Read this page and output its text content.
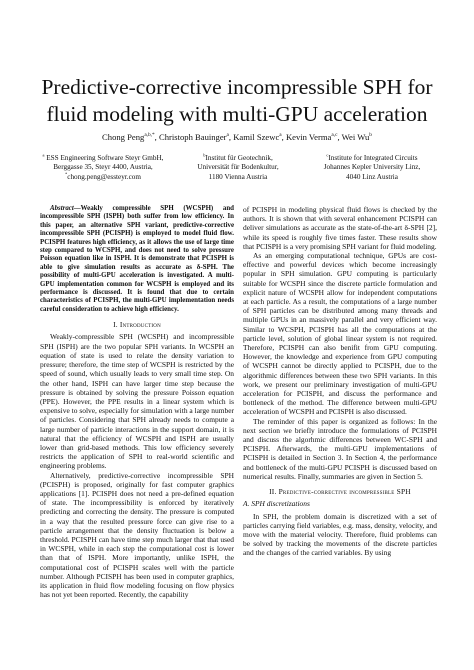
Predictive-corrective incompressible SPH for fluid modeling with multi-GPU acceleration
Chong Peng$^{a,b,*}$, Christoph Bauinger$^a$, Kamil Szewc$^a$, Kevin Verma$^{a,c}$, Wei Wu$^b$
$^a$ ESS Engineering Software Steyr GmbH,
Berggasse 35, Steyr 4400, Austria,
*chong.peng@essteyr.com
$^b$Institut für Geotechnik,
Universität für Bodenkultur,
1180 Vienna Austria
$^c$Institute for Integrated Circuits
Johannes Kepler University Linz,
4040 Linz Austria

Abstract—Weakly compressible SPH (WCSPH) and incompressible SPH (ISPH) both suffer from low efficiency. In this paper, an alternative SPH variant, predictive-corrective incompressible SPH (PCISPH) is employed to model fluid flow. PCISPH features high efficiency, as it allows the use of large time step compared to WCSPH, and does not need to solve pressure Poisson equation like in ISPH. It is demonstrate that PCISPH is able to give simulation results as accurate as δ-SPH. The possibility of multi-GPU acceleration is investigated. A multi-GPU implementation common for WCSPH is employed and its performance is discussed. It is found that due to certain characteristics of PCISPH, the multi-GPU implementation needs careful consideration to achieve high efficiency.

I. Introduction

Weakly-compressible SPH (WCSPH) and incompressible SPH (ISPH) are the two popular SPH variants. In WCSPH an equation of state is used to relate the density variation to pressure; therefore, the time step of WCSPH is restricted by the speed of sound, which usually leads to very small time step. On the other hand, ISPH can have larger time step because the pressure is obtained by solving the pressure Poisson equation (PPE). However, the PPE results in a linear system which is expensive to solve, especially for simulation with a large number of particles. Considering that SPH already needs to compute a large number of particle interactions in the support domain, it is natural that the efficiency of WCSPH and ISPH are usually lower than grid-based methods. This low efficiency severely restricts the application of SPH to real-world scientific and engineering problems.

Alternatively, predictive-corrective incompressible SPH (PCISPH) is proposed, originally for fast computer graphics applications [1]. PCISPH does not need a pre-defined equation of state. The incompressibility is enforced by iteratively predicting and correcting the density. The pressure is computed in a way that the resulted pressure force can give rise to a particle arrangement that the density fluctuation is below a threshold. PCISPH can have time step much larger that that used in WCSPH, while in each step the computational cost is lower than that of ISPH. More importantly, unlike ISPH, the computational cost of PCISPH scales well with the particle number. Although PCISPH has been used in computer graphics, its application in fluid flow modeling focusing on flow physics has not yet been reported. Recently, the capability

of PCISPH in modeling physical fluid flows is checked by the authors. It is shown that with several enhancement PCISPH can deliver simulations as accurate as the state-of-the-art δ-SPH [2], while its speed is roughly five times faster. These results show that PCISPH is a very promising SPH variant for fluid modeling.

As an emerging computational technique, GPUs are cost-effective and powerful devices which become increasingly popular in SPH simulation. GPU computing is particularly suitable for WCSPH since the discrete particle formulation and explicit nature of WCSPH allow for independent computations at each particle. As a result, the computations of a large number of SPH particles can be distributed among many threads and multiple GPUs in an massively parallel and very efficient way. Similar to WCSPH, PCISPH has all the computations at the particle level, solution of global linear system is not required. Therefore, PCISPH can also benifit from GPU computing. However, the knowledge and experience from GPU computing of WCSPH cannot be directly applied to PCISPH, due to the algorithmic differences between these two SPH variants. In this work, we present our preliminary investigation of multi-GPU acceleration for PCISPH, and discuss the performance and bottleneck of the method. The difference between multi-GPU acceleration of WCSPH and PCISPH is also discussed.

The reminder of this paper is organized as follows: In the next section we briefly introduce the formulations of PCISPH and discuss the algorhmic differences between WC-SPH and PCISPH. Afterwards, the multi-GPU implementations of PCISPH is detailed in Section 3. In Section 4, the performance and bottleneck of the multi-GPU PCISPH is discussed based on numerical results. Finally, summaries are given in Section 5.

II. Predictive-corrective incompressible SPH
A. SPH discretizations

In SPH, the problem domain is discretized with a set of particles carrying field variables, e.g. mass, density, velocity, and move with the material velocity. Therefore, fluid problems can be solved by tracking the movements of the discrete particles and the changes of the carried variables. By using
